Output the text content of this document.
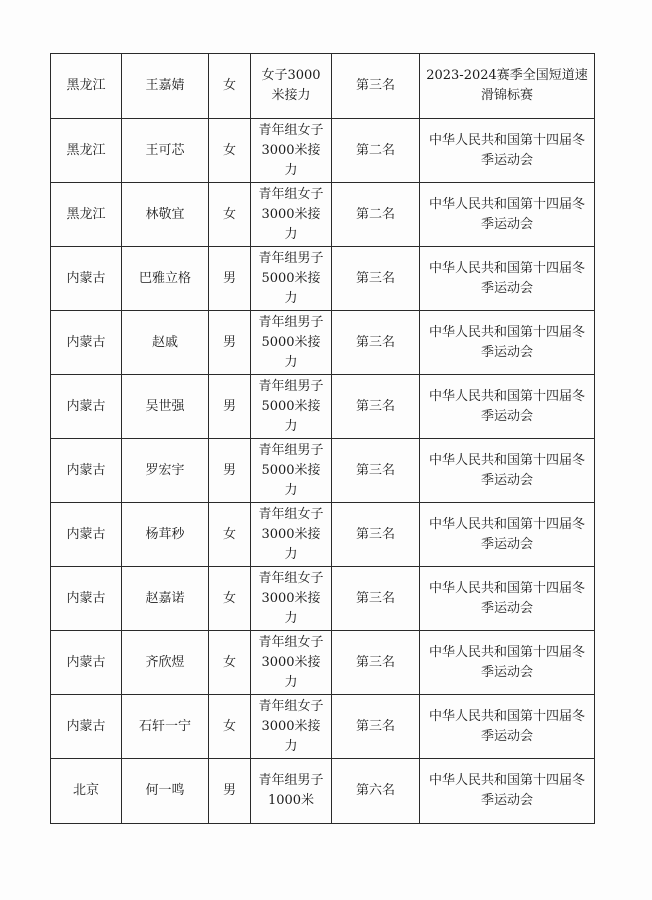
黑龙江	王嘉婧	女	女子3000米接力	第三名	2023-2024赛季全国短道速滑锦标赛
黑龙江	王可芯	女	青年组女子3000米接力	第二名	中华人民共和国第十四届冬季运动会
黑龙江	林敬宜	女	青年组女子3000米接力	第二名	中华人民共和国第十四届冬季运动会
内蒙古	巴雅立格	男	青年组男子5000米接力	第三名	中华人民共和国第十四届冬季运动会
内蒙古	赵戚	男	青年组男子5000米接力	第三名	中华人民共和国第十四届冬季运动会
内蒙古	吴世强	男	青年组男子5000米接力	第三名	中华人民共和国第十四届冬季运动会
内蒙古	罗宏宇	男	青年组男子5000米接力	第三名	中华人民共和国第十四届冬季运动会
内蒙古	杨茸秒	女	青年组女子3000米接力	第三名	中华人民共和国第十四届冬季运动会
内蒙古	赵嘉诺	女	青年组女子3000米接力	第三名	中华人民共和国第十四届冬季运动会
内蒙古	齐欣煜	女	青年组女子3000米接力	第三名	中华人民共和国第十四届冬季运动会
内蒙古	石轩一宁	女	青年组女子3000米接力	第三名	中华人民共和国第十四届冬季运动会
北京	何一鸣	男	青年组男子1000米	第六名	中华人民共和国第十四届冬季运动会
